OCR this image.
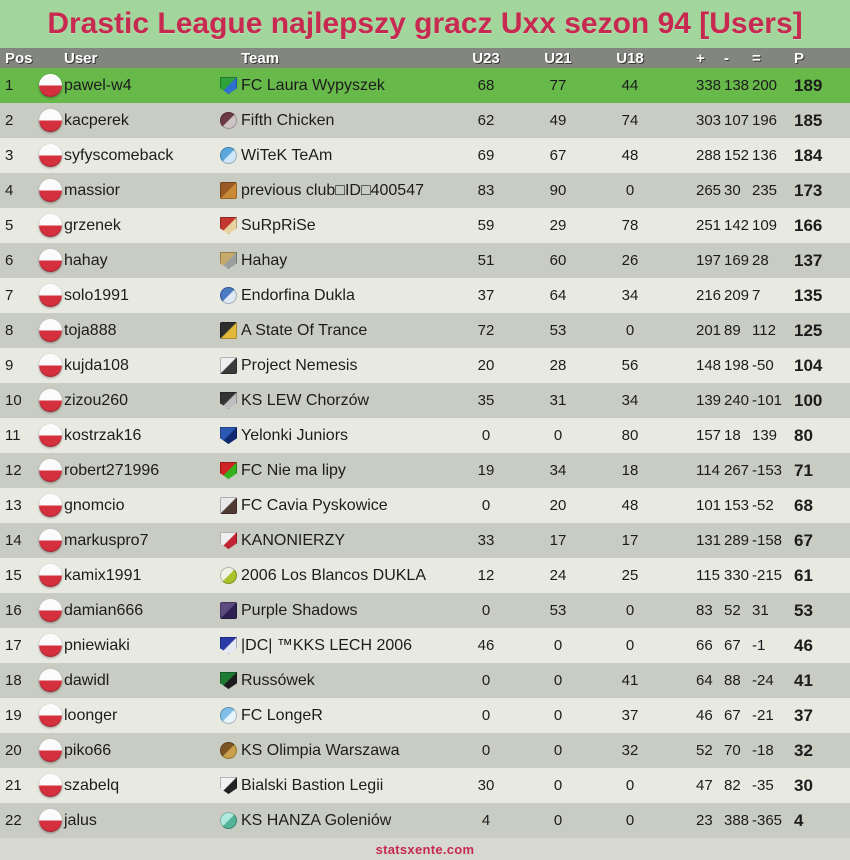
Drastic League najlepszy gracz Uxx sezon 94 [Users]
Pos User	Team	U23	U21	U18	+	-	=	P
1	pawel-w4	FC Laura Wypyszek	68	77	44	338 138 200 189
2	kacperek	Fifth Chicken	62	49	74	303 107 196 185
3	syfyscomeback	WiTeK TeAm	69	67	48	288 152 136 184
4	massior	previous club□ID□400547	83	90	0	265 30 235 173
5	grzenek	SuRpRiSe	59	29	78	251 142 109 166
6	hahay	Hahay	51	60	26	197 169 28	137
7	solo1991	Endorfina Dukla	37	64	34	216 209 7	135
8	toja888	A State Of Trance	72	53	0	201 89 112	125
9	kujda108	Project Nemesis	20	28	56	148 198 -50	104
10	zizou260	KS LEW Chorzów	35	31	34	139 240 -101 100
11	kostrzak16	Yelonki Juniors	0	0	80	157 18 139 80
12	robert271996	FC Nie ma lipy	19	34	18	114 267 -153 71
13	gnomcio	FC Cavia Pyskowice	0	20	48	101 153 -52	68
14	markuspro7	KANONIERZY	33	17	17	131 289 -158 67
15	kamix1991	2006 Los Blancos DUKLA	12	24	25	115 330 -215 61
16	damian666	Purple Shadows	0	53	0	83 52 31	53
17	pniewiaki	|DC| ™KKS LECH 2006	46	0	0	66 67 -1	46
18	dawidl	Russówek	0	0	41	64 88 -24	41
19	loonger	FC LongeR	0	0	37	46 67 -21	37
20	piko66	KS Olimpia Warszawa	0	0	32	52 70 -18	32
21	szabelq	Bialski Bastion Legii	30	0	0	47 82 -35	30
22	jalus	KS HANZA Goleniów	4	0	0	23 388 -365 4
statsxente.com
